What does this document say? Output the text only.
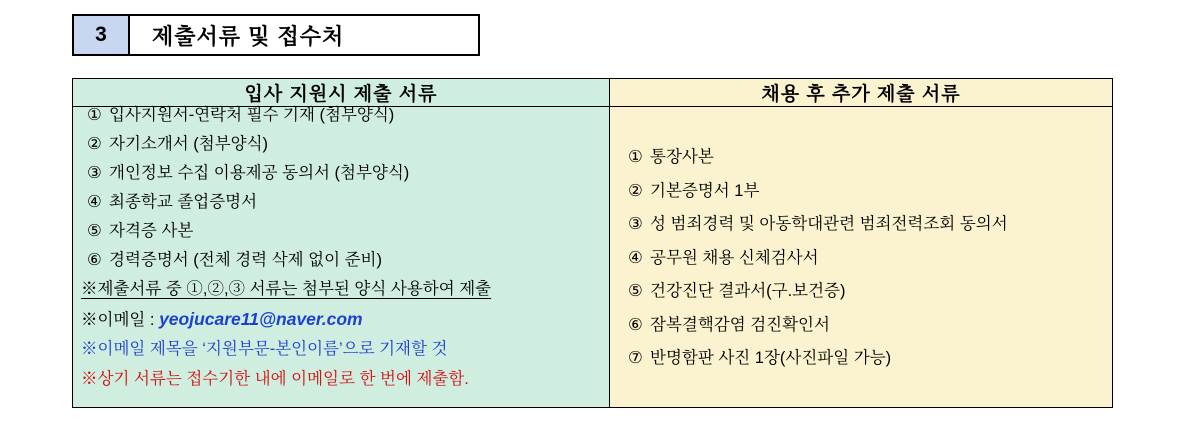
3	제출서류 및 접수처
입사 지원시 제출 서류	채용 후 추가 제출 서류

① 입사지원서-연락처 필수 기재 (첨부양식)
② 자기소개서 (첨부양식)
③ 개인정보 수집 이용제공 동의서 (첨부양식)
④ 최종학교 졸업증명서
⑤ 자격증 사본
⑥ 경력증명서 (전체 경력 삭제 없이 준비)
※제출서류 중 ①,②,③ 서류는 첨부된 양식 사용하여 제출
※이메일 : yeojucare11@naver.com
※이메일 제목을 ‘지원부문-본인이름’으로 기재할 것
※상기 서류는 접수기한 내에 이메일로 한 번에 제출함.

① 통장사본
② 기본증명서 1부
③ 성 범죄경력 및 아동학대관련 범죄전력조회 동의서
④ 공무원 채용 신체검사서
⑤ 건강진단 결과서(구.보건증)
⑥ 잠복결핵감염 검진확인서
⑦ 반명함판 사진 1장(사진파일 가능)
